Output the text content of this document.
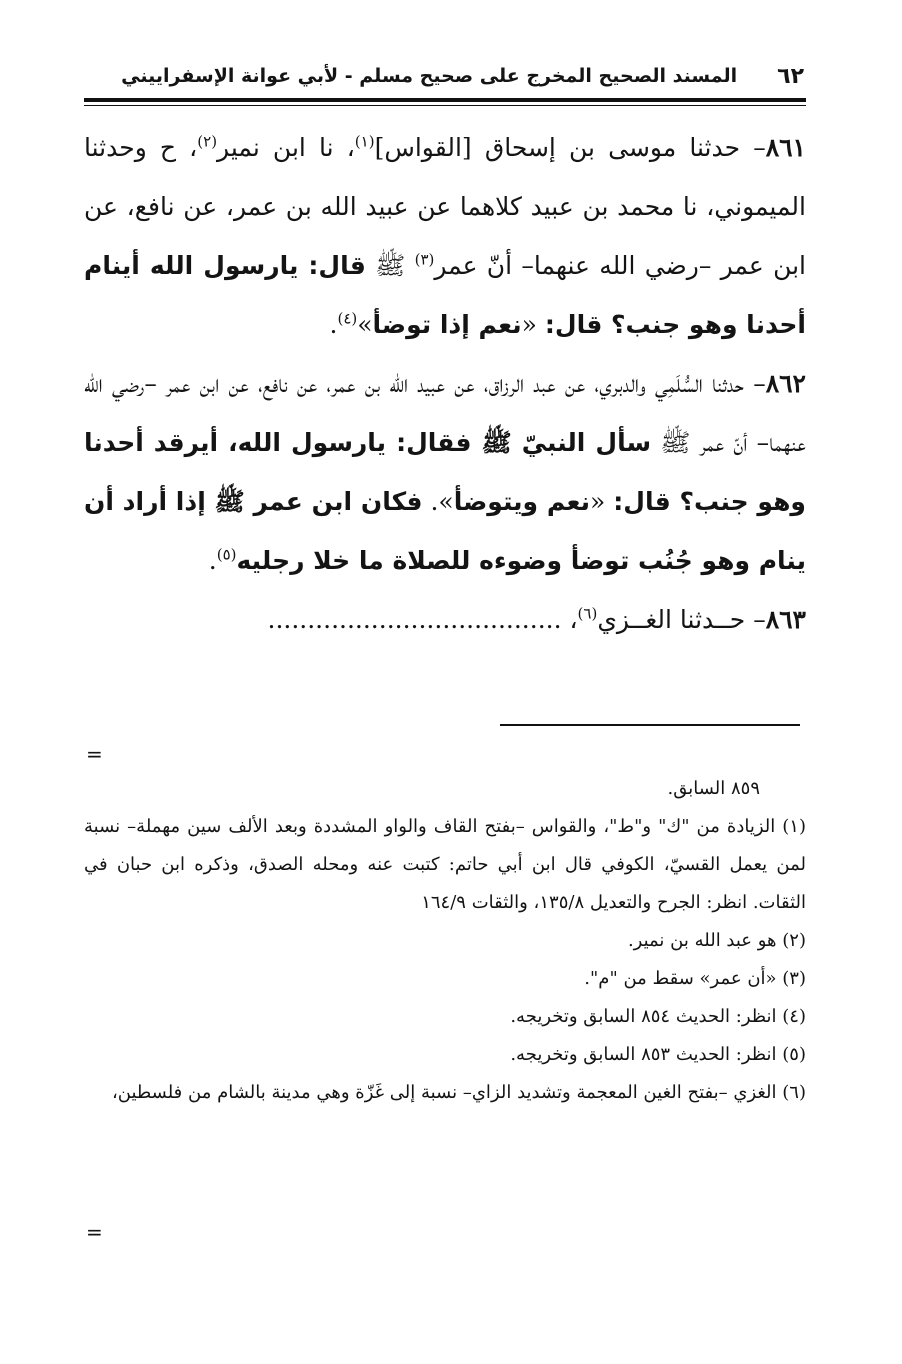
٦٢
المسند الصحيح المخرج على صحيح مسلم - لأبي عوانة الإسفراييني

٨٦١– حدثنا موسى بن إسحاق [القواس]$^{(١)}$، نا ابن نمير$^{(٢)}$، ح وحدثنا الميموني، نا محمد بن عبيد كلاهما عن عبيد الله بن عمر، عن نافع، عن ابن عمر –رضي الله عنهما– أنّ عمر$^{(٣)}$ ﷺ قال: يارسول الله أينام أحدنا وهو جنب؟ قال: «نعم إذا توضأ»$^{(٤)}$.

٨٦٢– حدثنا السُّلَمِي والدبري، عن عبد الرزاق، عن عبيد الله بن عمر، عن نافع، عن ابن عمر –رضي الله عنهما– أنّ عمر ﷺ سأل النبيّ ﷺ فقال: يارسول الله، أيرقد أحدنا وهو جنب؟ قال: «نعم ويتوضأ». فكان ابن عمر ﷺ إذا أراد أن ينام وهو جُنُب توضأ وضوءه للصلاة ما خلا رجليه$^{(٥)}$.

٨٦٣– حــدثنا الغــزي$^{(٦)}$، .....................................

=

٨٥٩ السابق.

(١) الزيادة من "ك" و"ط"، والقواس –بفتح القاف والواو المشددة وبعد الألف سين مهملة– نسبة لمن يعمل القسيّ، الكوفي قال ابن أبي حاتم: كتبت عنه ومحله الصدق، وذكره ابن حبان في الثقات. انظر: الجرح والتعديل ١٣٥/٨، والثقات ١٦٤/٩

(٢) هو عبد الله بن نمير.

(٣) «أن عمر» سقط من "م".

(٤) انظر: الحديث ٨٥٤ السابق وتخريجه.

(٥) انظر: الحديث ٨٥٣ السابق وتخريجه.

(٦) الغزي –بفتح الغين المعجمة وتشديد الزاي– نسبة إلى غَزّة وهي مدينة بالشام من فلسطين،

=
